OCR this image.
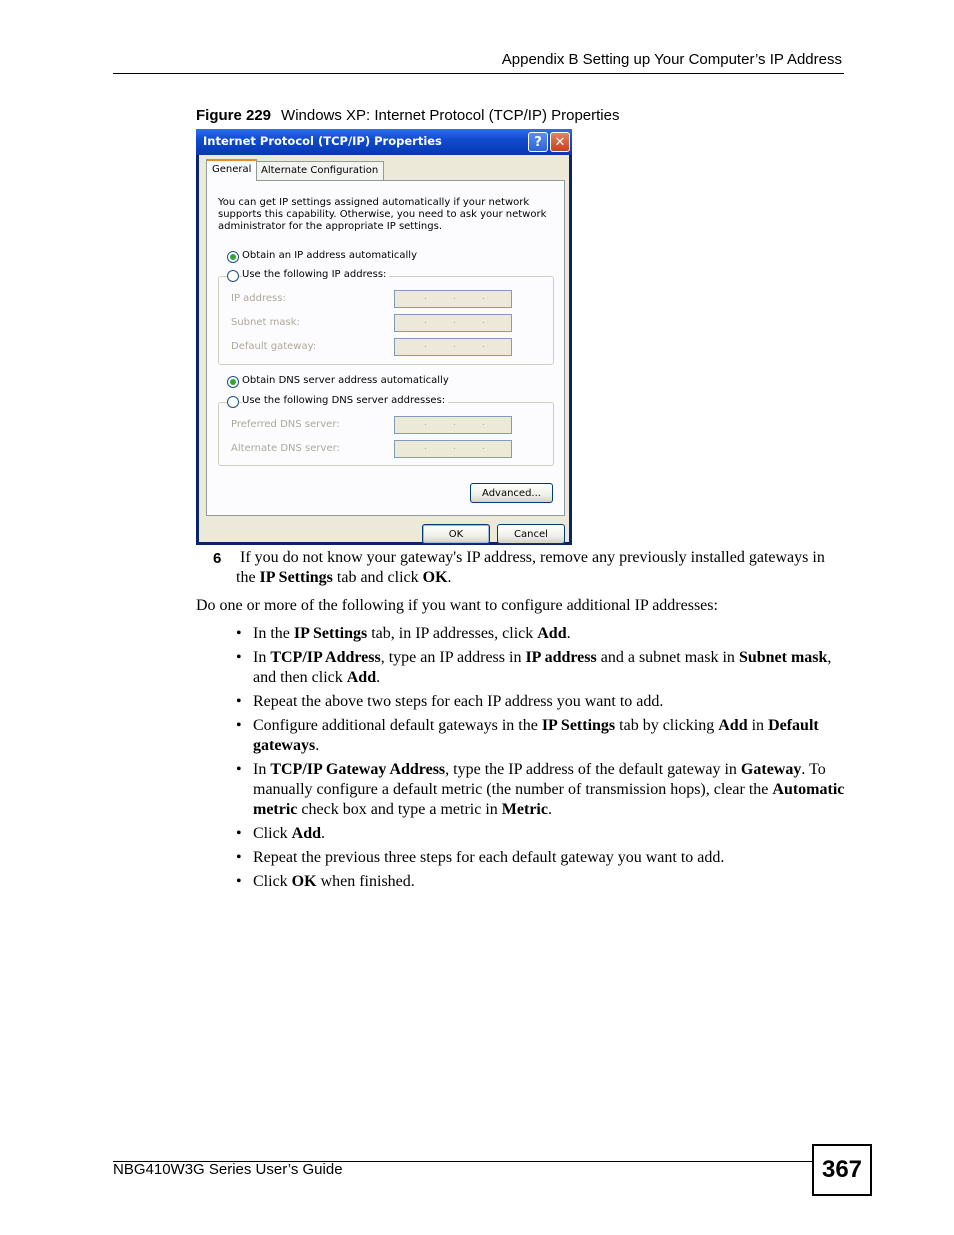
Appendix B Setting up Your Computer’s IP Address
Figure 229 Windows XP: Internet Protocol (TCP/IP) Properties
Internet Protocol (TCP/IP) Properties	? ✕
General Alternate Configuration
You can get IP settings assigned automatically if your network supports this capability. Otherwise, you need to ask your network administrator for the appropriate IP settings.
Obtain an IP address automatically
Use the following IP address:
IP address:	.	.	.
Subnet mask:	.	.	.
Default gateway:	.	.	.
Obtain DNS server address automatically
Use the following DNS server addresses:
Preferred DNS server:	.	.	.
Alternate DNS server:	.	.	.
Advanced...
OK	Cancel
6 If you do not know your gateway's IP address, remove any previously installed gateways in the IP Settings tab and click OK.
Do one or more of the following if you want to configure additional IP addresses:
• In the IP Settings tab, in IP addresses, click Add.
• In TCP/IP Address, type an IP address in IP address and a subnet mask in Subnet mask, and then click Add.
• Repeat the above two steps for each IP address you want to add.
• Configure additional default gateways in the IP Settings tab by clicking Add in Default gateways.
• In TCP/IP Gateway Address, type the IP address of the default gateway in Gateway. To manually configure a default metric (the number of transmission hops), clear the Automatic metric check box and type a metric in Metric.
• Click Add.
• Repeat the previous three steps for each default gateway you want to add.
• Click OK when finished.
NBG410W3G Series User’s Guide	367
